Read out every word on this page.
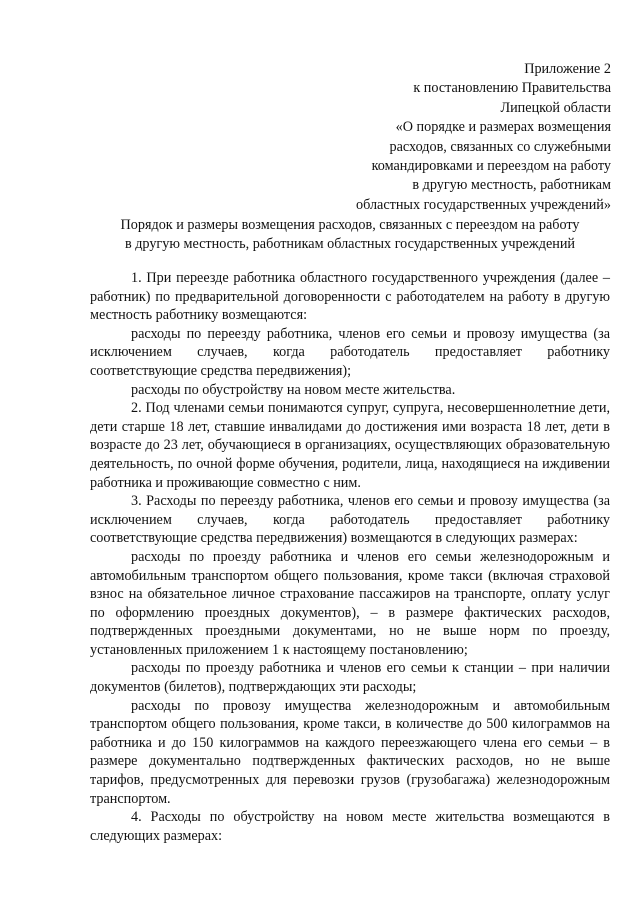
Приложение 2
к постановлению Правительства
Липецкой области
«О порядке и размерах возмещения
расходов, связанных со служебными
командировками и переездом на работу
в другую местность, работникам
областных государственных учреждений»
Порядок и размеры возмещения расходов, связанных с переездом на работу
в другую местность, работникам областных государственных учреждений

1. При переезде работника областного государственного учреждения (далее – работник) по предварительной договоренности с работодателем на работу в другую местность работнику возмещаются:

расходы по переезду работника, членов его семьи и провозу имущества (за исключением случаев, когда работодатель предоставляет работнику соответствующие средства передвижения);

расходы по обустройству на новом месте жительства.

2. Под членами семьи понимаются супруг, супруга, несовершеннолетние дети, дети старше 18 лет, ставшие инвалидами до достижения ими возраста 18 лет, дети в возрасте до 23 лет, обучающиеся в организациях, осуществляющих образовательную деятельность, по очной форме обучения, родители, лица, находящиеся на иждивении работника и проживающие совместно с ним.

3. Расходы по переезду работника, членов его семьи и провозу имущества (за исключением случаев, когда работодатель предоставляет работнику соответствующие средства передвижения) возмещаются в следующих размерах:

расходы по проезду работника и членов его семьи железнодорожным и автомобильным транспортом общего пользования, кроме такси (включая страховой взнос на обязательное личное страхование пассажиров на транспорте, оплату услуг по оформлению проездных документов), – в размере фактических расходов, подтвержденных проездными документами, но не выше норм по проезду, установленных приложением 1 к настоящему постановлению;

расходы по проезду работника и членов его семьи к станции – при наличии документов (билетов), подтверждающих эти расходы;

расходы по провозу имущества железнодорожным и автомобильным транспортом общего пользования, кроме такси, в количестве до 500 килограммов на работника и до 150 килограммов на каждого переезжающего члена его семьи – в размере документально подтвержденных фактических расходов, но не выше тарифов, предусмотренных для перевозки грузов (грузобагажа) железнодорожным транспортом.

4. Расходы по обустройству на новом месте жительства возмещаются в следующих размерах:
